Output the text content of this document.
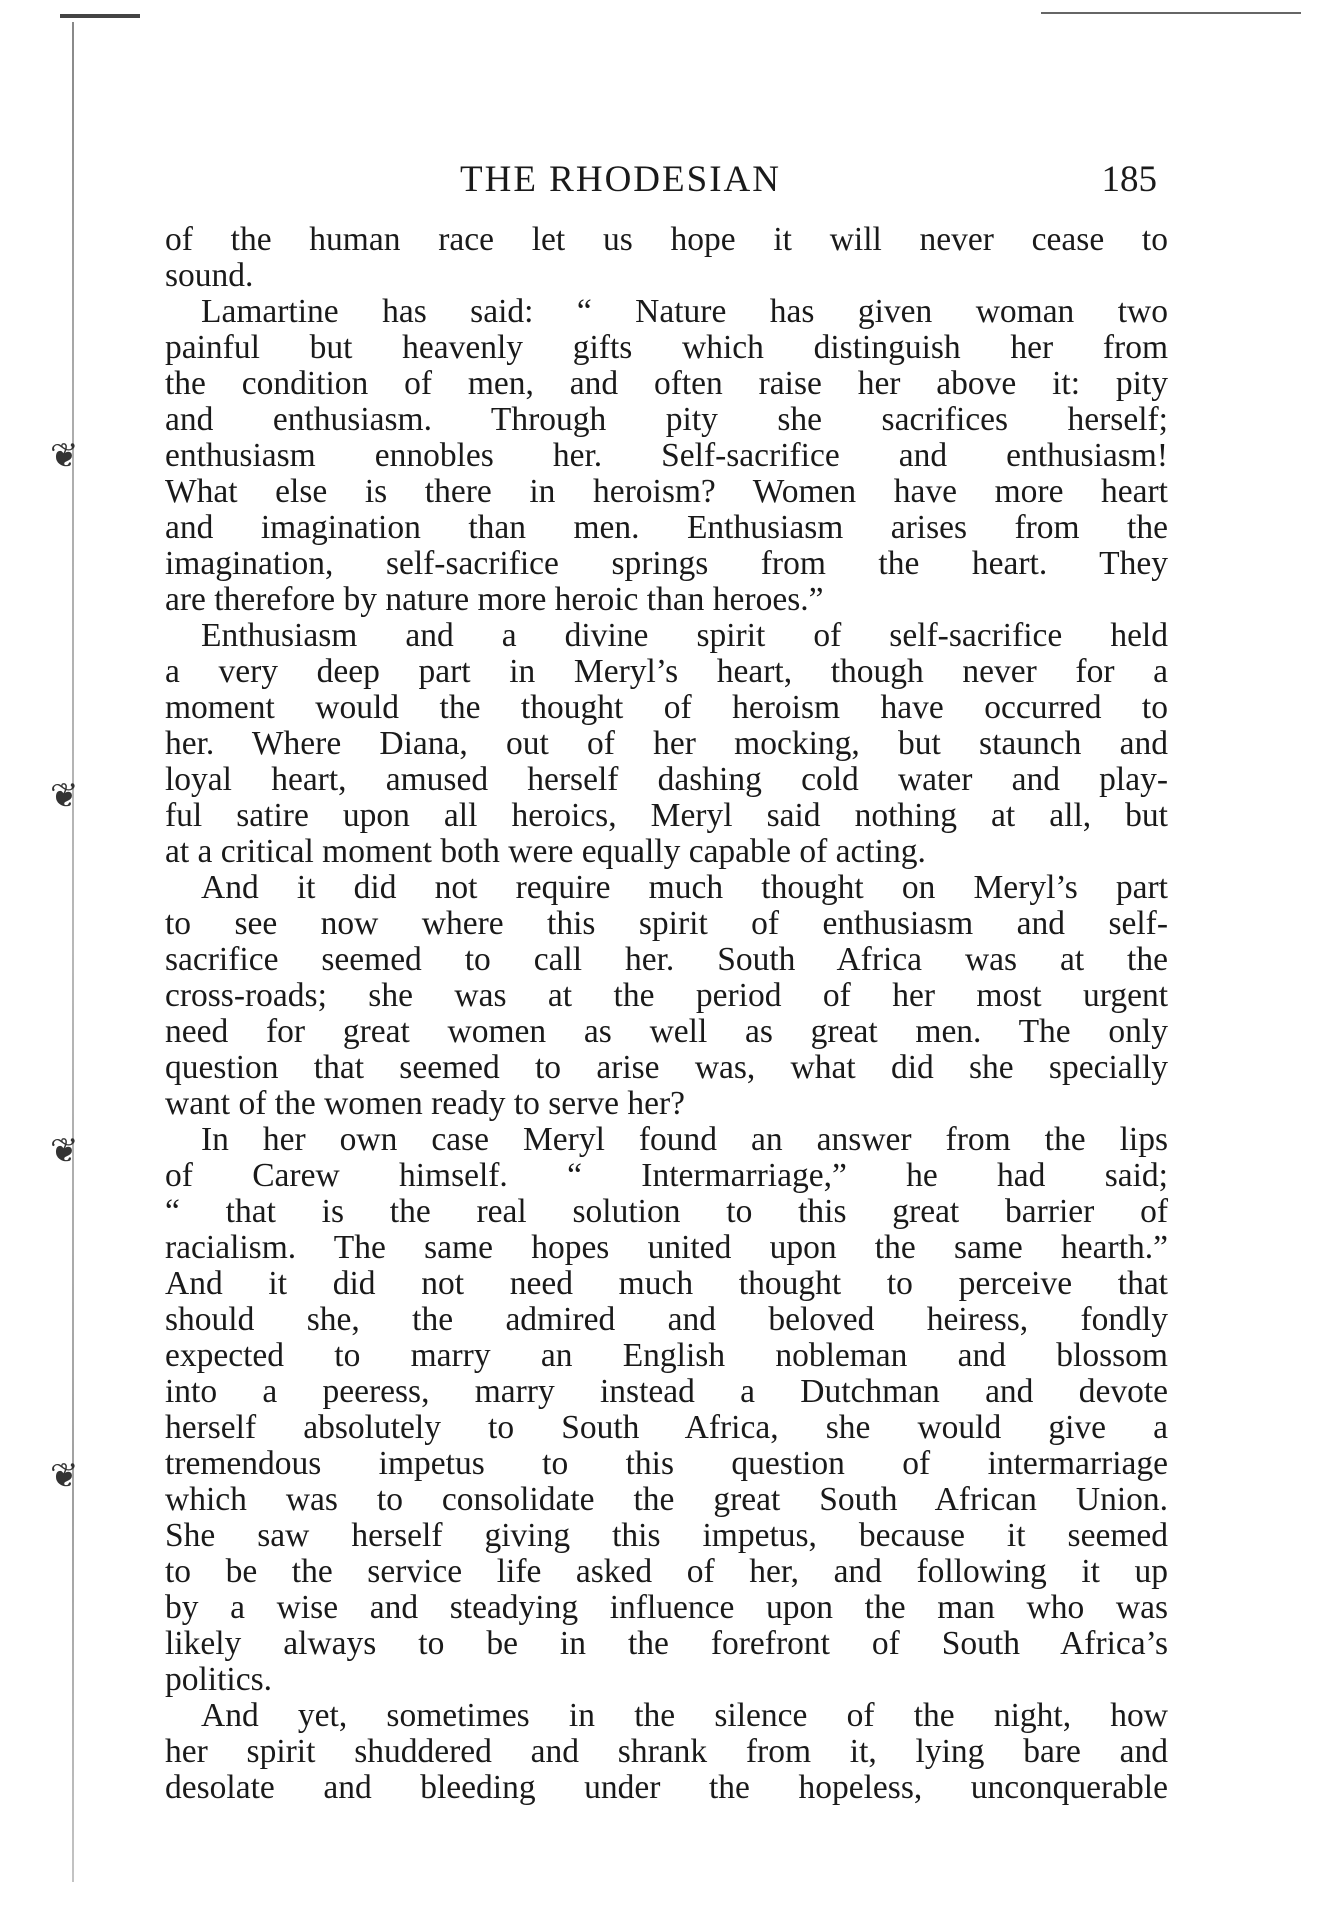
❦
❦
❦
❦
THE RHODESIAN	185
of the human race let us hope it will never cease to
sound.
Lamartine has said: “ Nature has given woman two
painful but heavenly gifts which distinguish her from
the condition of men, and often raise her above it: pity
and enthusiasm. Through pity she sacrifices herself;
enthusiasm ennobles her. Self-sacrifice and enthusiasm!
What else is there in heroism? Women have more heart
and imagination than men. Enthusiasm arises from the
imagination, self-sacrifice springs from the heart. They
are therefore by nature more heroic than heroes.”
Enthusiasm and a divine spirit of self-sacrifice held
a very deep part in Meryl’s heart, though never for a
moment would the thought of heroism have occurred to
her. Where Diana, out of her mocking, but staunch and
loyal heart, amused herself dashing cold water and play-
ful satire upon all heroics, Meryl said nothing at all, but
at a critical moment both were equally capable of acting.
And it did not require much thought on Meryl’s part
to see now where this spirit of enthusiasm and self-
sacrifice seemed to call her. South Africa was at the
cross-roads; she was at the period of her most urgent
need for great women as well as great men. The only
question that seemed to arise was, what did she specially
want of the women ready to serve her?
In her own case Meryl found an answer from the lips
of Carew himself. “ Intermarriage,” he had said;
“ that is the real solution to this great barrier of
racialism. The same hopes united upon the same hearth.”
And it did not need much thought to perceive that
should she, the admired and beloved heiress, fondly
expected to marry an English nobleman and blossom
into a peeress, marry instead a Dutchman and devote
herself absolutely to South Africa, she would give a
tremendous impetus to this question of intermarriage
which was to consolidate the great South African Union.
She saw herself giving this impetus, because it seemed
to be the service life asked of her, and following it up
by a wise and steadying influence upon the man who was
likely always to be in the forefront of South Africa’s
politics.
And yet, sometimes in the silence of the night, how
her spirit shuddered and shrank from it, lying bare and
desolate and bleeding under the hopeless, unconquerable
